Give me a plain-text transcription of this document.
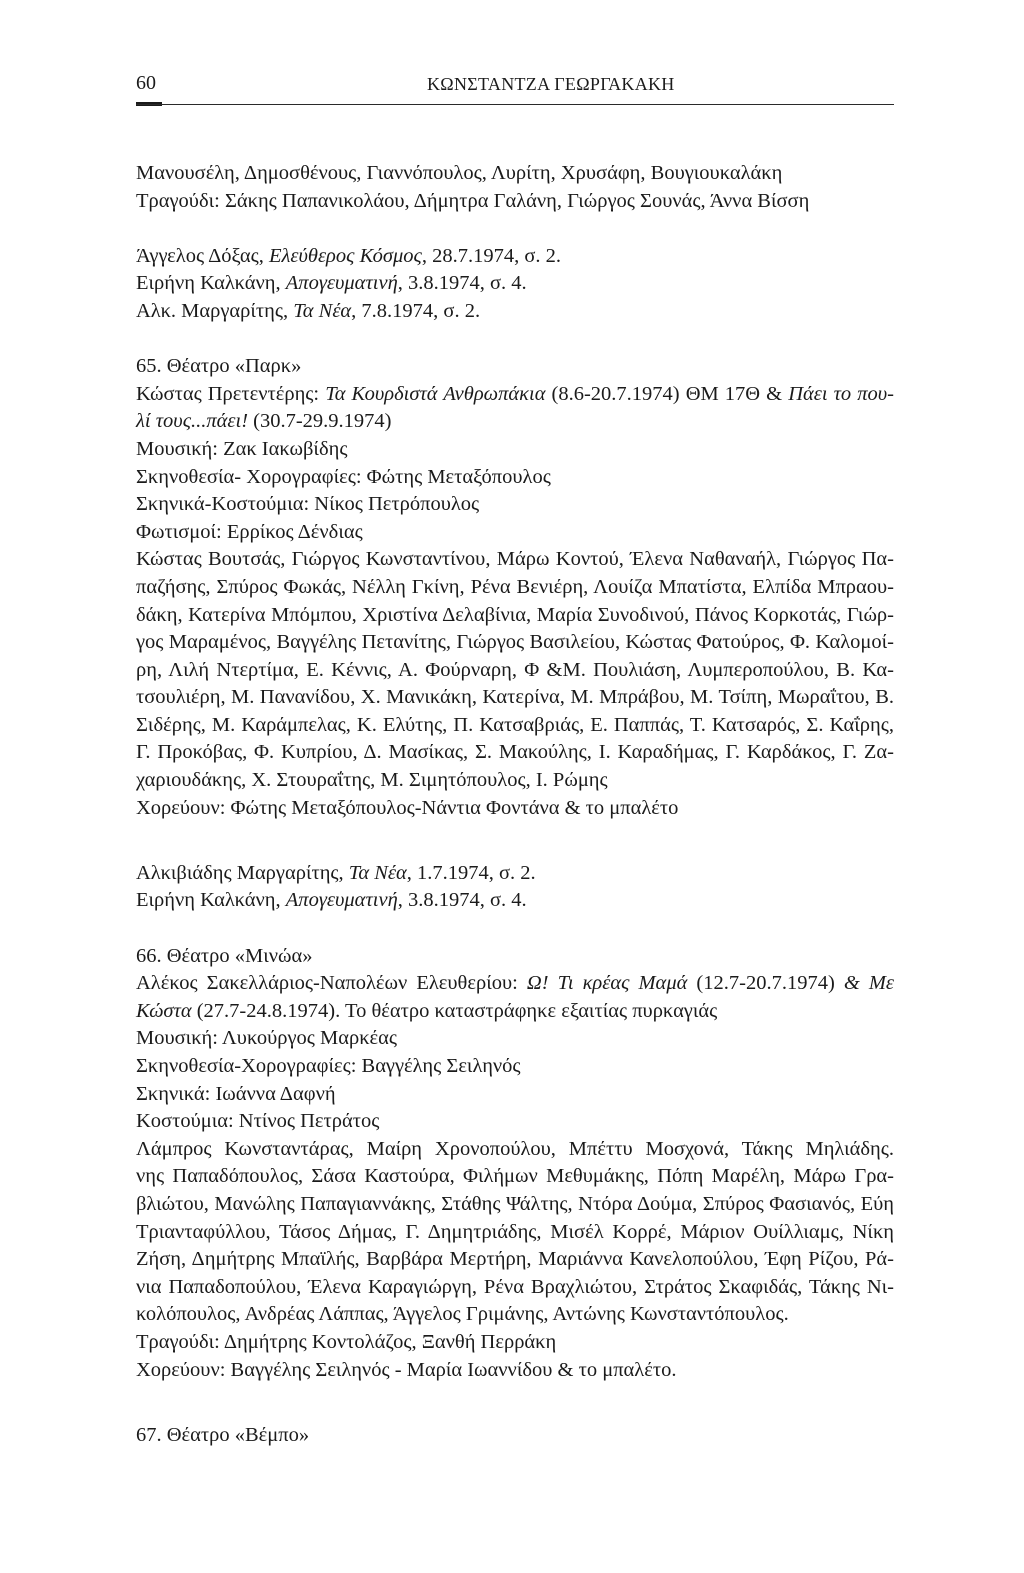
60	ΚΩΝΣΤΑΝΤΖΑ ΓΕΩΡΓΑΚΑΚΗ
Μανουσέλη, Δημοσθένους, Γιαννόπουλος, Λυρίτη, Χρυσάφη, Βουγιουκαλάκη
Τραγούδι: Σάκης Παπανικολάου, Δήμητρα Γαλάνη, Γιώργος Σουνάς, Άννα Βίσση
Άγγελος Δόξας, Ελεύθερος Κόσμος, 28.7.1974, σ. 2.
Ειρήνη Καλκάνη, Απογευματινή, 3.8.1974, σ. 4.
Αλκ. Μαργαρίτης, Τα Νέα, 7.8.1974, σ. 2.
65. Θέατρο «Παρκ»
Κώστας Πρετεντέρης: Τα Κουρδιστά Ανθρωπάκια (8.6-20.7.1974) ΘΜ 17Θ & Πάει το που-
λί τους...πάει! (30.7-29.9.1974)
Μουσική: Ζακ Ιακωβίδης
Σκηνοθεσία- Χορογραφίες: Φώτης Μεταξόπουλος
Σκηνικά-Κοστούμια: Νίκος Πετρόπουλος
Φωτισμοί: Ερρίκος Δένδιας
Κώστας Βουτσάς, Γιώργος Κωνσταντίνου, Μάρω Κοντού, Έλενα Ναθαναήλ, Γιώργος Πα-
παζήσης, Σπύρος Φωκάς, Νέλλη Γκίνη, Ρένα Βενιέρη, Λουίζα Μπατίστα, Ελπίδα Μπραου-
δάκη, Κατερίνα Μπόμπου, Χριστίνα Δελαβίνια, Μαρία Συνοδινού, Πάνος Κορκοτάς, Γιώρ-
γος Μαραμένος, Βαγγέλης Πετανίτης, Γιώργος Βασιλείου, Κώστας Φατούρος, Φ. Καλομοί-
ρη, Λιλή Ντερτίμα, Ε. Κέννις, Α. Φούρναρη, Φ &Μ. Πουλιάση, Λυμπεροπούλου, Β. Κα-
τσουλιέρη, Μ. Πανανίδου, Χ. Μανικάκη, Κατερίνα, Μ. Μπράβου, Μ. Τσίπη, Μωραΐτου, Β.
Σιδέρης, Μ. Καράμπελας, Κ. Ελύτης, Π. Κατσαβριάς, Ε. Παππάς, Τ. Κατσαρός, Σ. Καΐρης,
Γ. Προκόβας, Φ. Κυπρίου, Δ. Μασίκας, Σ. Μακούλης, Ι. Καραδήμας, Γ. Καρδάκος, Γ. Ζα-
χαριουδάκης, Χ. Στουραΐτης, Μ. Σιμητόπουλος, Ι. Ρώμης
Χορεύουν: Φώτης Μεταξόπουλος-Νάντια Φοντάνα & το μπαλέτο
Αλκιβιάδης Μαργαρίτης, Τα Νέα, 1.7.1974, σ. 2.
Ειρήνη Καλκάνη, Απογευματινή, 3.8.1974, σ. 4.
66. Θέατρο «Μινώα»
Αλέκος Σακελλάριος-Ναπολέων Ελευθερίου: Ω! Τι κρέας Μαμά (12.7-20.7.1974) & Με
Κώστα (27.7-24.8.1974). Το θέατρο καταστράφηκε εξαιτίας πυρκαγιάς
Μουσική: Λυκούργος Μαρκέας
Σκηνοθεσία-Χορογραφίες: Βαγγέλης Σειληνός
Σκηνικά: Ιωάννα Δαφνή
Κοστούμια: Ντίνος Πετράτος
Λάμπρος Κωνσταντάρας, Μαίρη Χρονοπούλου, Μπέττυ Μοσχονά, Τάκης Μηλιάδης.
νης Παπαδόπουλος, Σάσα Καστούρα, Φιλήμων Μεθυμάκης, Πόπη Μαρέλη, Μάρω Γρα-
βλιώτου, Μανώλης Παπαγιαννάκης, Στάθης Ψάλτης, Ντόρα Δούμα, Σπύρος Φασιανός, Εύη
Τριανταφύλλου, Τάσος Δήμας, Γ. Δημητριάδης, Μισέλ Κορρέ, Μάριον Ουίλλιαμς, Νίκη
Ζήση, Δημήτρης Μπαϊλής, Βαρβάρα Μερτήρη, Μαριάννα Κανελοπούλου, Έφη Ρίζου, Ρά-
νια Παπαδοπούλου, Έλενα Καραγιώργη, Ρένα Βραχλιώτου, Στράτος Σκαφιδάς, Τάκης Νι-
κολόπουλος, Ανδρέας Λάππας, Άγγελος Γριμάνης, Αντώνης Κωνσταντόπουλος.
Τραγούδι: Δημήτρης Κοντολάζος, Ξανθή Περράκη
Χορεύουν: Βαγγέλης Σειληνός - Μαρία Ιωαννίδου & το μπαλέτο.
67. Θέατρο «Βέμπο»
